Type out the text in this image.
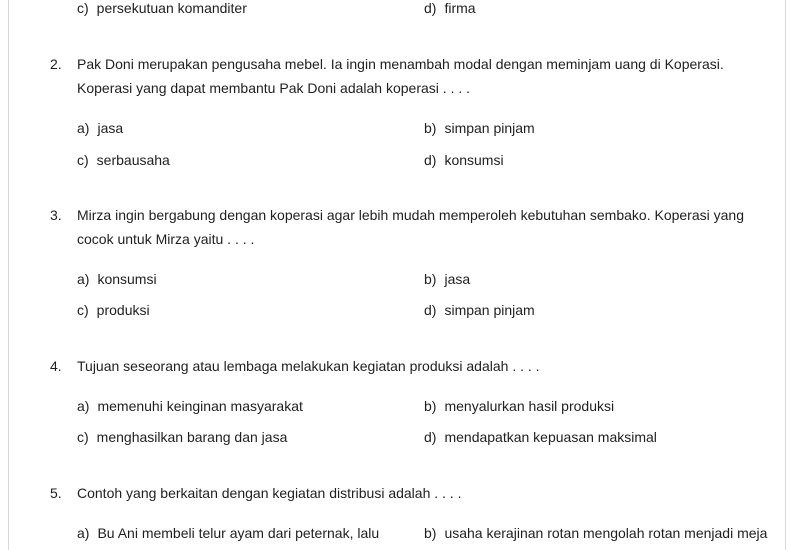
c) persekutuan komanditer	d) firma
2. Pak Doni merupakan pengusaha mebel. Ia ingin menambah modal dengan meminjam uang di Koperasi.
Koperasi yang dapat membantu Pak Doni adalah koperasi . . . .
a) jasa	b) simpan pinjam
c) serbausaha	d) konsumsi
3. Mirza ingin bergabung dengan koperasi agar lebih mudah memperoleh kebutuhan sembako. Koperasi yang
cocok untuk Mirza yaitu . . . .
a) konsumsi	b) jasa
c) produksi	d) simpan pinjam
4. Tujuan seseorang atau lembaga melakukan kegiatan produksi adalah . . . .
a) memenuhi keinginan masyarakat	b) menyalurkan hasil produksi
c) menghasilkan barang dan jasa	d) mendapatkan kepuasan maksimal
5. Contoh yang berkaitan dengan kegiatan distribusi adalah . . . .
a) Bu Ani membeli telur ayam dari peternak, lalu	b) usaha kerajinan rotan mengolah rotan menjadi meja
